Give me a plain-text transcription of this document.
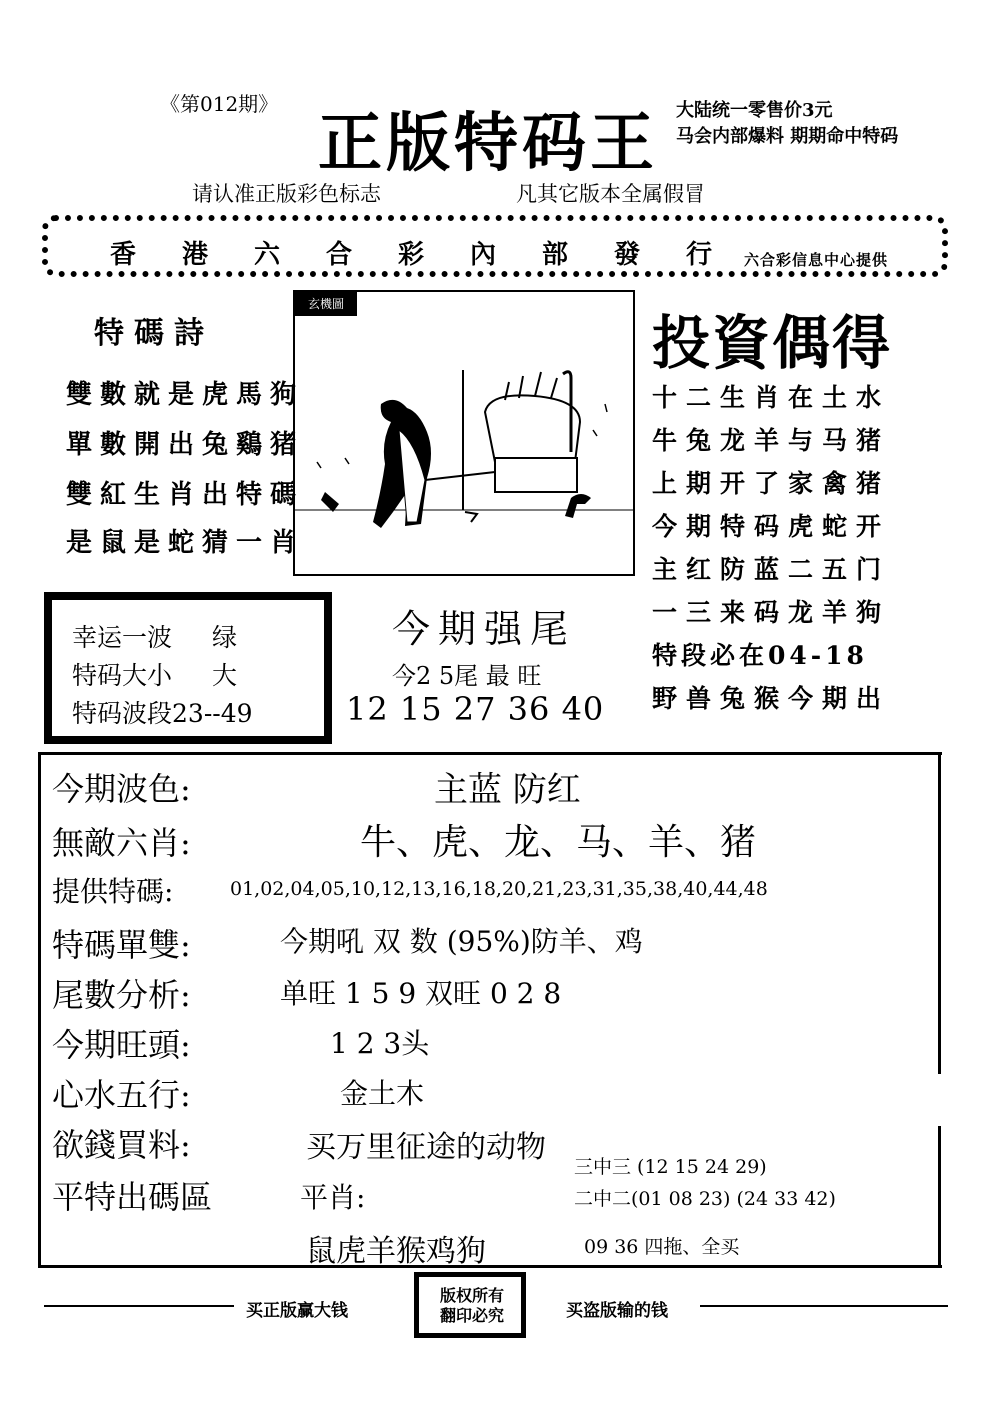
《第012期》
正版特码王 大陆统一零售价3元
马会内部爆料 期期命中特码
请认准正版彩色标志	凡其它版本全属假冒
香港六合彩內部發行
六合彩信息中心提供
特碼詩
雙數就是虎馬狗
單數開出兔鷄猪
雙紅生肖出特碼
是鼠是蛇猜一肖
玄機圖
投資偶得
十二生肖在土水
牛兔龙羊与马猪
上期开了家禽猪
今期特码虎蛇开
主红防蓝二五门
一三来码龙羊狗
特段必在04-18
野兽兔猴今期出
幸运一波 绿
特码大小 大
特码波段23--49
今期强尾
今2 5尾 最 旺
12 15 27 36 40
今期波色:	主蓝 防红
無敵六肖:	牛、虎、龙、马、羊、猪
提供特碼:	01,02,04,05,10,12,13,16,18,20,21,23,31,35,38,40,44,48
特碼單雙:	今期吼 双 数 (95%)防羊、鸡
尾數分析:	单旺 1 5 9 双旺 0 2 8
今期旺頭:	1 2 3头
心水五行:	金土木
欲錢買料:	买万里征途的动物
平特出碼區	平肖:
鼠虎羊猴鸡狗
三中三 (12 15 24 29)
二中二(01 08 23) (24 33 42)
09 36 四拖、全买
买正版赢大钱
版权所有
翻印必究	买盗版输的钱
